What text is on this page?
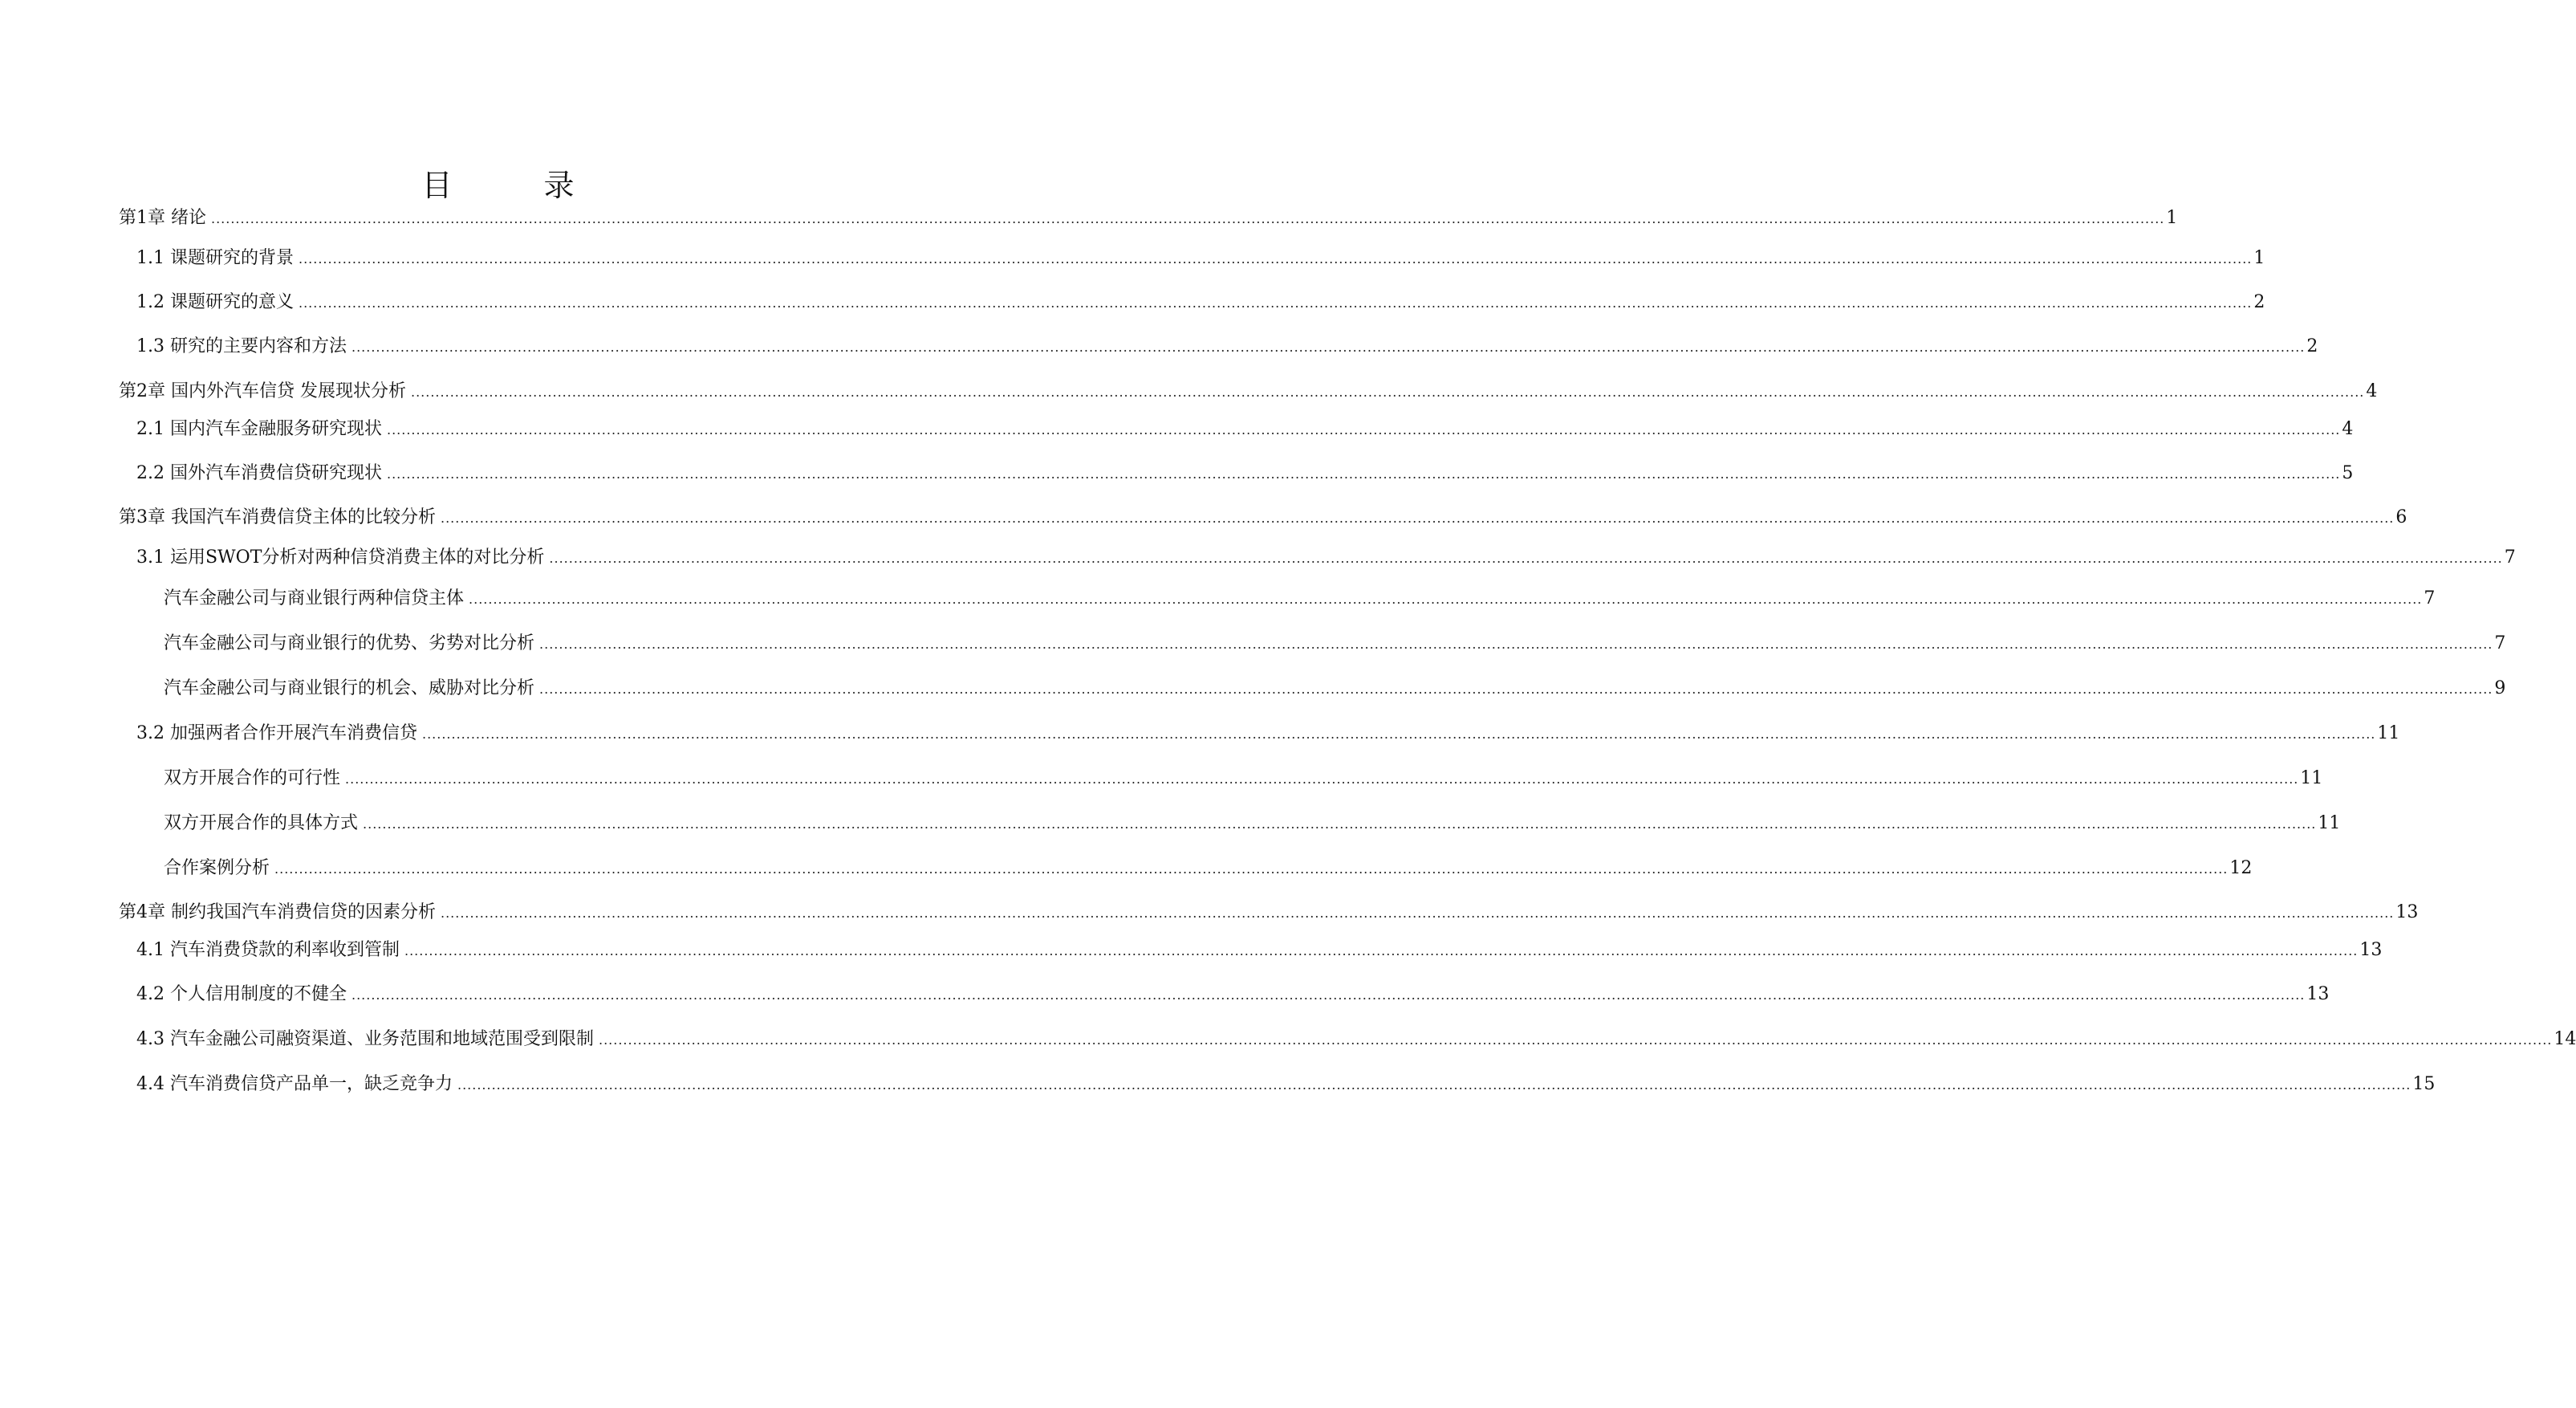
目　录
第1章 绪论 ................................................................................................................................................................................................................................................................................................................................................................................................................ 1
1.1 课题研究的背景 ................................................................................................................................................................................................................................................................................................................................................................................................................ 1
1.2 课题研究的意义 ................................................................................................................................................................................................................................................................................................................................................................................................................ 2
1.3 研究的主要内容和方法 ................................................................................................................................................................................................................................................................................................................................................................................................................ 2
第2章 国内外汽车信贷 发展现状分析 ................................................................................................................................................................................................................................................................................................................................................................................................................ 4
2.1 国内汽车金融服务研究现状 ................................................................................................................................................................................................................................................................................................................................................................................................................ 4
2.2 国外汽车消费信贷研究现状 ................................................................................................................................................................................................................................................................................................................................................................................................................ 5
第3章 我国汽车消费信贷主体的比较分析 ................................................................................................................................................................................................................................................................................................................................................................................................................ 6
3.1 运用SWOT分析对两种信贷消费主体的对比分析 ................................................................................................................................................................................................................................................................................................................................................................................................................ 7
汽车金融公司与商业银行两种信贷主体 ................................................................................................................................................................................................................................................................................................................................................................................................................ 7
汽车金融公司与商业银行的优势、劣势对比分析 ................................................................................................................................................................................................................................................................................................................................................................................................................ 7
汽车金融公司与商业银行的机会、威胁对比分析 ................................................................................................................................................................................................................................................................................................................................................................................................................ 9
3.2 加强两者合作开展汽车消费信贷 ................................................................................................................................................................................................................................................................................................................................................................................................................ 11
双方开展合作的可行性 ................................................................................................................................................................................................................................................................................................................................................................................................................ 11
双方开展合作的具体方式 ................................................................................................................................................................................................................................................................................................................................................................................................................ 11
合作案例分析 ................................................................................................................................................................................................................................................................................................................................................................................................................ 12
第4章 制约我国汽车消费信贷的因素分析 ................................................................................................................................................................................................................................................................................................................................................................................................................ 13
4.1 汽车消费贷款的利率收到管制 ................................................................................................................................................................................................................................................................................................................................................................................................................ 13
4.2 个人信用制度的不健全 ................................................................................................................................................................................................................................................................................................................................................................................................................ 13
4.3 汽车金融公司融资渠道、业务范围和地域范围受到限制 ................................................................................................................................................................................................................................................................................................................................................................................................................ 14
4.4 汽车消费信贷产品单一，缺乏竞争力 ................................................................................................................................................................................................................................................................................................................................................................................................................ 15
